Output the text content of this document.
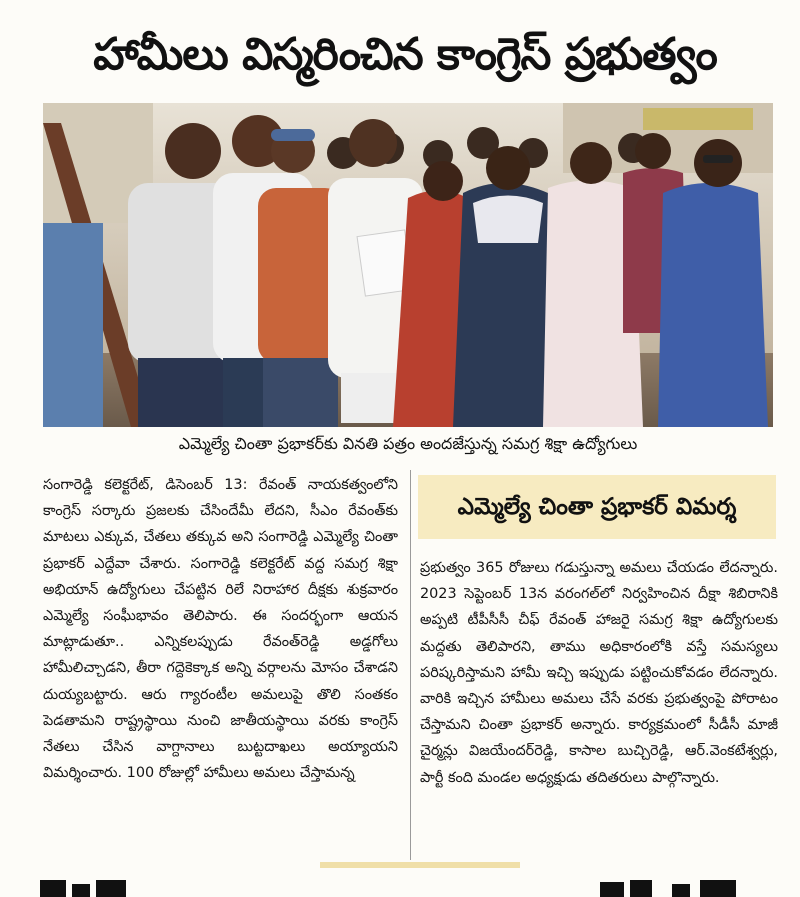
హామీలు విస్మరించిన కాంగ్రెస్‌ ప్రభుత్వం
ఎమ్మెల్యే చింతా ప్రభాకర్‌కు వినతి పత్రం అందజేస్తున్న సమగ్ర శిక్షా ఉద్యోగులు
సంగారెడ్డి కలెక్టరేట్‌, డిసెంబర్‌ 13: రేవంత్‌ నాయకత్వంలోని కాంగ్రెస్‌ సర్కారు ప్రజలకు చేసిందేమీ లేదని, సీఎం రేవంత్‌కు మాటలు ఎక్కువ, చేతలు తక్కువ అని సంగారెడ్డి ఎమ్మెల్యే చింతా ప్రభాకర్‌ ఎద్దేవా చేశారు. సంగారెడ్డి కలెక్టరేట్‌ వద్ద సమగ్ర శిక్షా అభియాన్‌ ఉద్యోగులు చేపట్టిన రిలే నిరాహార దీక్షకు శుక్రవారం ఎమ్మెల్యే సంఘీభావం తెలిపారు. ఈ సందర్భంగా ఆయన మాట్లాడుతూ.. ఎన్నికలప్పుడు రేవంత్‌రెడ్డి అడ్డగోలు హామీలిచ్చాడని, తీరా గద్దెకెక్కాక అన్ని వర్గాలను మోసం చేశాడని దుయ్యబట్టారు. ఆరు గ్యారంటీల అమలుపై తొలి సంతకం పెడతామని రాష్ట్రస్థాయి నుంచి జాతీయస్థాయి వరకు కాంగ్రెస్‌ నేతలు చేసిన వాగ్దానాలు బుట్టదాఖలు అయ్యాయని విమర్శించారు. 100 రోజుల్లో హామీలు అమలు చేస్తామన్న
ఎమ్మెల్యే చింతా ప్రభాకర్‌ విమర్శ
ప్రభుత్వం 365 రోజులు గడుస్తున్నా అమలు చేయడం లేదన్నారు. 2023 సెప్టెంబర్‌ 13న వరంగల్‌లో నిర్వహించిన దీక్షా శిబిరానికి అప్పటి టీపీసీసీ చీఫ్‌ రేవంత్‌ హాజరై సమగ్ర శిక్షా ఉద్యోగులకు మద్దతు తెలిపారని, తాము అధికారంలోకి వస్తే సమస్యలు పరిష్కరిస్తామని హామీ ఇచ్చి ఇప్పుడు పట్టించుకోవడం లేదన్నారు. వారికి ఇచ్చిన హామీలు అమలు చేసే వరకు ప్రభుత్వంపై పోరాటం చేస్తామని చింతా ప్రభాకర్‌ అన్నారు. కార్యక్రమంలో సీడీసీ మాజీ చైర్మన్లు విజయేందర్‌రెడ్డి, కాసాల బుచ్చిరెడ్డి, ఆర్‌.వెంకటేశ్వర్లు, పార్టీ కంది మండల అధ్యక్షుడు తదితరులు పాల్గొన్నారు.
